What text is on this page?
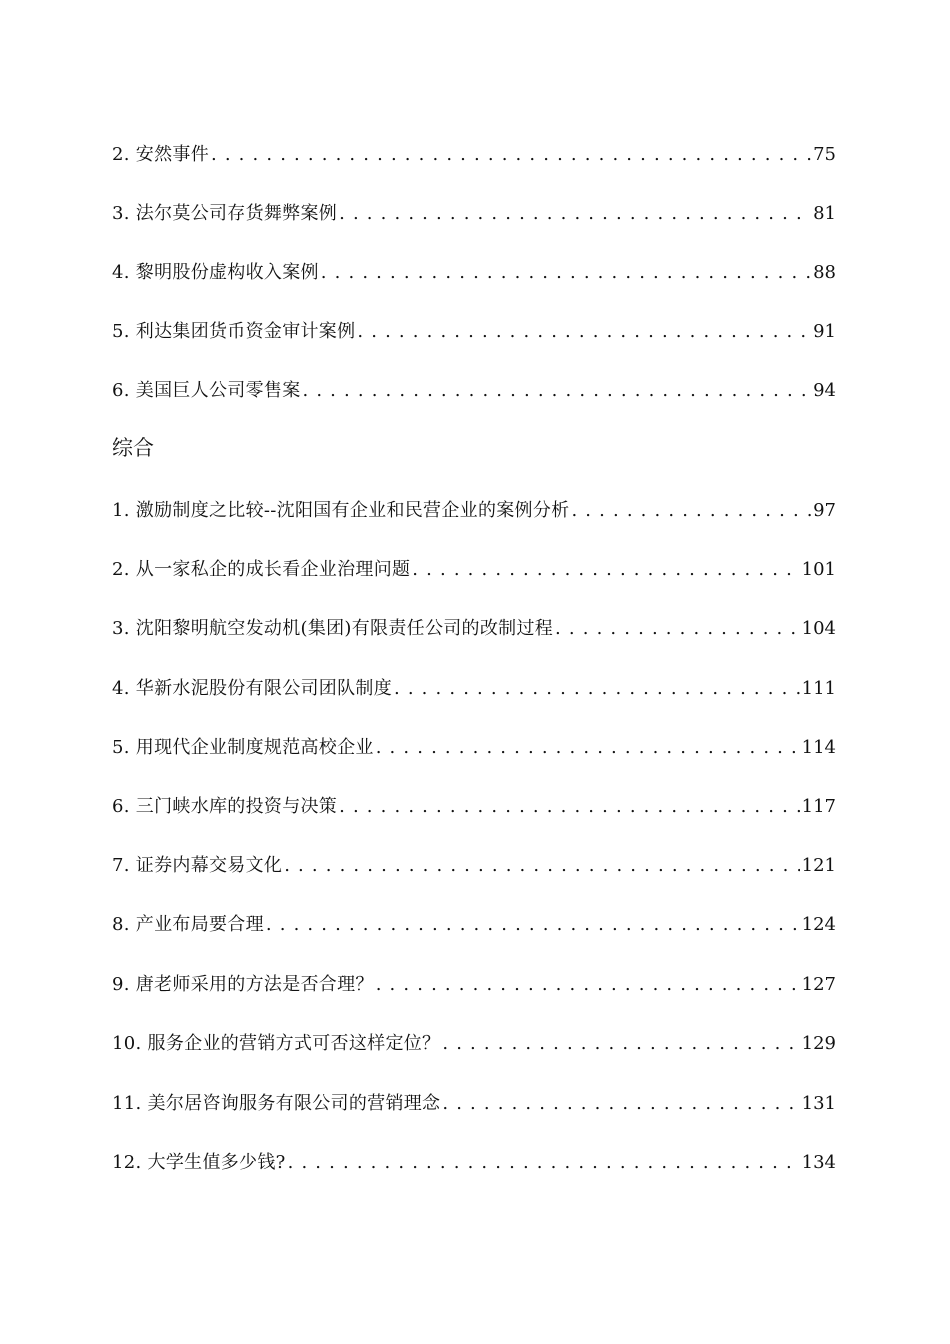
2. 安然事件 . . .	75
3. 法尔莫公司存货舞弊案例 . . .	81
4. 黎明股份虚构收入案例 . . .	88
5. 利达集团货币资金审计案例 . . .	91
6. 美国巨人公司零售案 . . .	94
综合
1. 激励制度之比较--沈阳国有企业和民营企业的案例分析 . . .	97
2. 从一家私企的成长看企业治理问题 . . .	101
3. 沈阳黎明航空发动机(集团)有限责任公司的改制过程 . . .	104
4. 华新水泥股份有限公司团队制度 . . .	111
5. 用现代企业制度规范高校企业 . . .	114
6. 三门峡水库的投资与决策 . . .	117
7. 证券内幕交易文化 . . .	121
8. 产业布局要合理 . . .	124
9. 唐老师采用的方法是否合理？ . . .	127
10. 服务企业的营销方式可否这样定位？ . . .	129
11. 美尔居咨询服务有限公司的营销理念 . . .	131
12. 大学生值多少钱? . . .	134
